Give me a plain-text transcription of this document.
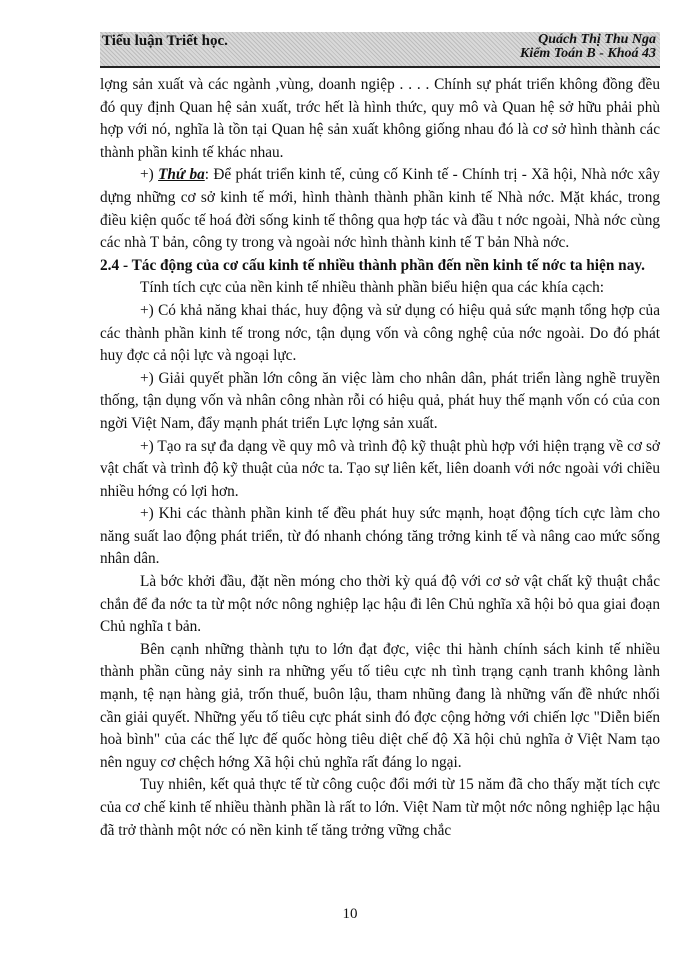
Tiểu luận Triết học.	Quách Thị Thu Nga
Kiểm Toán B - Khoá 43

lợng sản xuất và các ngành ,vùng, doanh ngiệp . . . . Chính sự phát triển không đồng đều đó quy định Quan hệ sản xuất, trớc hết là hình thức, quy mô và Quan hệ sở hữu phải phù hợp với nó, nghĩa là tồn tại Quan hệ sản xuất không giống nhau đó là cơ sở hình thành các thành phần kinh tế khác nhau.

+) Thứ ba: Để phát triển kinh tế, củng cố Kinh tế - Chính trị - Xã hội, Nhà nớc xây dựng những cơ sở kinh tế mới, hình thành thành phần kinh tế Nhà nớc. Mặt khác, trong điều kiện quốc tế hoá đời sống kinh tế thông qua hợp tác và đầu t nớc ngoài, Nhà nớc cùng các nhà T bản, công ty trong và ngoài nớc hình thành kinh tế T bản Nhà nớc.

2.4 - Tác động của cơ cấu kinh tế nhiều thành phần đến nền kinh tế nớc ta hiện nay.

Tính tích cực của nền kinh tế nhiều thành phần biểu hiện qua các khía cạch:

+) Có khả năng khai thác, huy động và sử dụng có hiệu quả sức mạnh tổng hợp của các thành phần kinh tế trong nớc, tận dụng vốn và công nghệ của nớc ngoài. Do đó phát huy đợc cả nội lực và ngoại lực.

+) Giải quyết phần lớn công ăn việc làm cho nhân dân, phát triển làng nghề truyền thống, tận dụng vốn và nhân công nhàn rỗi có hiệu quả, phát huy thế mạnh vốn có của con ngời Việt Nam, đẩy mạnh phát triển Lực lợng sản xuất.

+) Tạo ra sự đa dạng về quy mô và trình độ kỹ thuật phù hợp với hiện trạng về cơ sở vật chất và trình độ kỹ thuật của nớc ta. Tạo sự liên kết, liên doanh với nớc ngoài với chiều nhiều hớng có lợi hơn.

+) Khi các thành phần kinh tế đều phát huy sức mạnh, hoạt động tích cực làm cho năng suất lao động phát triển, từ đó nhanh chóng tăng trởng kinh tế và nâng cao mức sống nhân dân.

Là bớc khởi đầu, đặt nền móng cho thời kỳ quá độ với cơ sở vật chất kỹ thuật chắc chắn để đa nớc ta từ một nớc nông nghiệp lạc hậu đi lên Chủ nghĩa xã hội bỏ qua giai đoạn Chủ nghĩa t bản.

Bên cạnh những thành tựu to lớn đạt đợc, việc thi hành chính sách kinh tế nhiều thành phần cũng nảy sinh ra những yếu tố tiêu cực nh tình trạng cạnh tranh không lành mạnh, tệ nạn hàng giả, trốn thuế, buôn lậu, tham nhũng đang là những vấn đề nhức nhối cần giải quyết. Những yếu tố tiêu cực phát sinh đó đợc cộng hởng với chiến lợc "Diễn biến hoà bình" của các thế lực đế quốc hòng tiêu diệt chế độ Xã hội chủ nghĩa ở Việt Nam tạo nên nguy cơ chệch hớng Xã hội chủ nghĩa rất đáng lo ngại.

Tuy nhiên, kết quả thực tế từ công cuộc đổi mới từ 15 năm đã cho thấy mặt tích cực của cơ chế kinh tế nhiều thành phần là rất to lớn. Việt Nam từ một nớc nông nghiệp lạc hậu đã trở thành một nớc có nền kinh tế tăng trởng vững chắc

10
